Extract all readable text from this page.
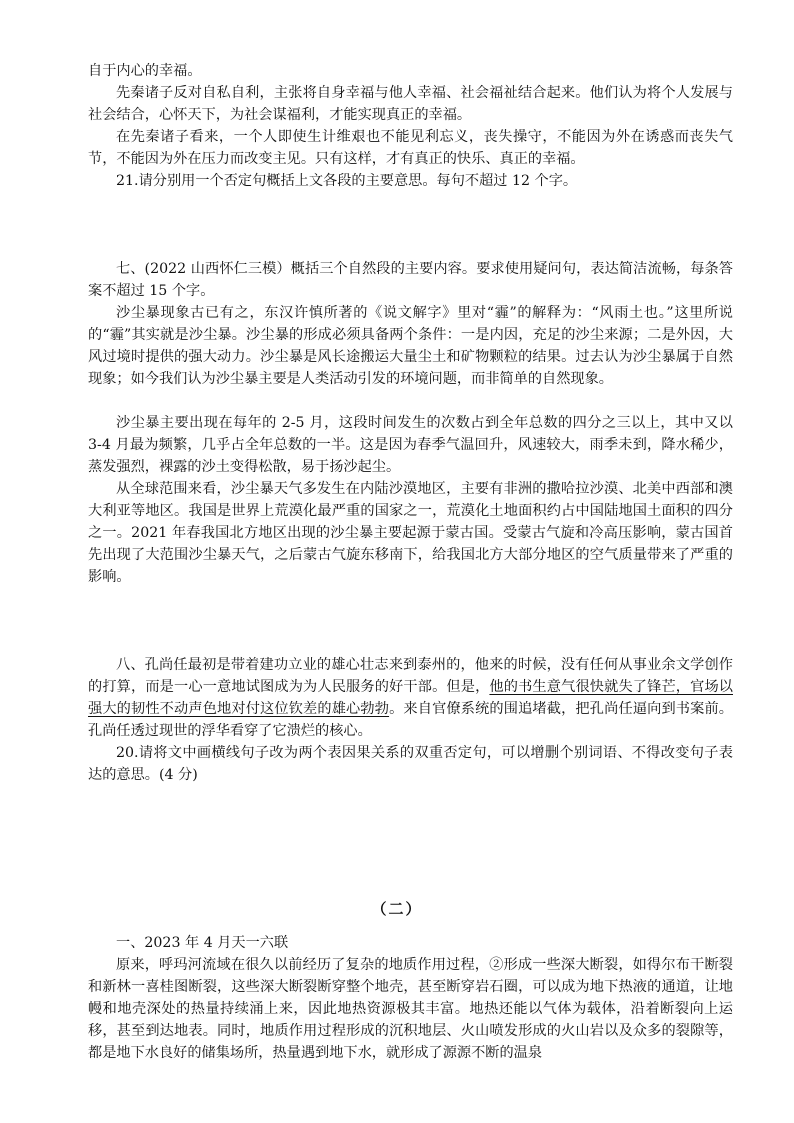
自于内心的幸福。

先秦诸子反对自私自利，主张将自身幸福与他人幸福、社会福祉结合起来。他们认为将个人发展与社会结合，心怀天下，为社会谋福利，才能实现真正的幸福。

在先秦诸子看来，一个人即使生计维艰也不能见利忘义，丧失操守，不能因为外在诱惑而丧失气节，不能因为外在压力而改变主见。只有这样，才有真正的快乐、真正的幸福。

21.请分别用一个否定句概括上文各段的主要意思。每句不超过 12 个字。

七、(2022 山西怀仁三模）概括三个自然段的主要内容。要求使用疑问句，表达简洁流畅，每条答案不超过 15 个字。

沙尘暴现象古已有之，东汉许慎所著的《说文解字》里对“霾”的解释为：“风雨土也。”这里所说的“霾”其实就是沙尘暴。沙尘暴的形成必须具备两个条件：一是内因，充足的沙尘来源；二是外因，大风过境时提供的强大动力。沙尘暴是风长途搬运大量尘土和矿物颗粒的结果。过去认为沙尘暴属于自然现象；如今我们认为沙尘暴主要是人类活动引发的环境问题，而非简单的自然现象。

沙尘暴主要出现在每年的 2-5 月，这段时间发生的次数占到全年总数的四分之三以上，其中又以 3-4 月最为频繁，几乎占全年总数的一半。这是因为春季气温回升，风速较大，雨季未到，降水稀少，蒸发强烈，裸露的沙土变得松散，易于扬沙起尘。

从全球范围来看，沙尘暴天气多发生在内陆沙漠地区，主要有非洲的撒哈拉沙漠、北美中西部和澳大利亚等地区。我国是世界上荒漠化最严重的国家之一，荒漠化土地面积约占中国陆地国土面积的四分之一。2021 年春我国北方地区出现的沙尘暴主要起源于蒙古国。受蒙古气旋和冷高压影响，蒙古国首先出现了大范围沙尘暴天气，之后蒙古气旋东移南下，给我国北方大部分地区的空气质量带来了严重的影响。

八、孔尚任最初是带着建功立业的雄心壮志来到泰州的，他来的时候，没有任何从事业余文学创作的打算，而是一心一意地试图成为为人民服务的好干部。但是，他的书生意气很快就失了锋芒，官场以强大的韧性不动声色地对付这位钦差的雄心勃勃。来自官僚系统的围追堵截，把孔尚任逼向到书案前。孔尚任透过现世的浮华看穿了它溃烂的核心。

20.请将文中画横线句子改为两个表因果关系的双重否定句，可以增删个别词语、不得改变句子表达的意思。(4 分)

（二）

一、2023 年 4 月天一六联

原来，呼玛河流域在很久以前经历了复杂的地质作用过程，②形成一些深大断裂，如得尔布干断裂和新林一喜桂图断裂，这些深大断裂断穿整个地壳，甚至断穿岩石圈，可以成为地下热液的通道，让地幔和地壳深处的热量持续涌上来，因此地热资源极其丰富。地热还能以气体为载体，沿着断裂向上运移，甚至到达地表。同时，地质作用过程形成的沉积地层、火山喷发形成的火山岩以及众多的裂隙等，都是地下水良好的储集场所，热量遇到地下水，就形成了源源不断的温泉
